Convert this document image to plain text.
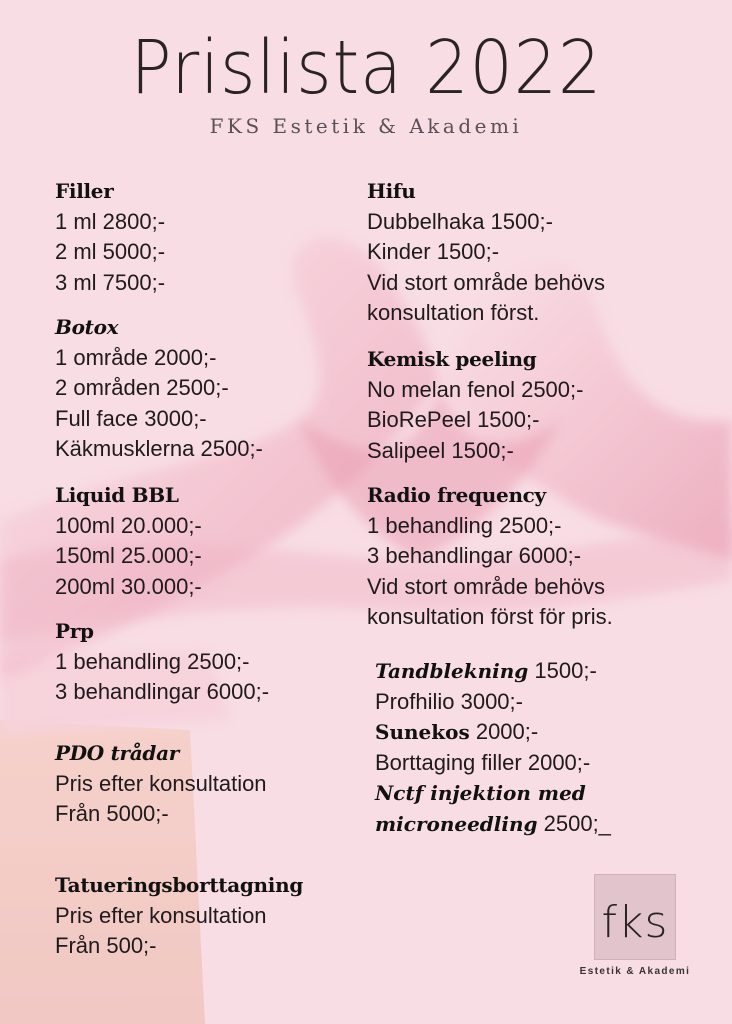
Prislista 2022
FKS Estetik & Akademi
Filler
1 ml 2800;-
2 ml 5000;-
3 ml 7500;-
Botox
1 område 2000;-
2 områden 2500;-
Full face 3000;-
Käkmusklerna 2500;-
Liquid BBL
100ml 20.000;-
150ml 25.000;-
200ml 30.000;-
Prp
1 behandling 2500;-
3 behandlingar 6000;-
PDO trådar
Pris efter konsultation
Från 5000;-
Tatueringsborttagning
Pris efter konsultation
Från 500;-
Hifu
Dubbelhaka 1500;-
Kinder 1500;-
Vid stort område behövs
konsultation först.
Kemisk peeling
No melan fenol 2500;-
BioRePeel 1500;-
Salipeel 1500;-
Radio frequency
1 behandling 2500;-
3 behandlingar 6000;-
Vid stort område behövs
konsultation först för pris.
Tandblekning 1500;-
Profhilio 3000;-
Sunekos 2000;-
Borttaging filler 2000;-
Nctf injektion med
microneedling 2500;_
fks
Estetik & Akademi
